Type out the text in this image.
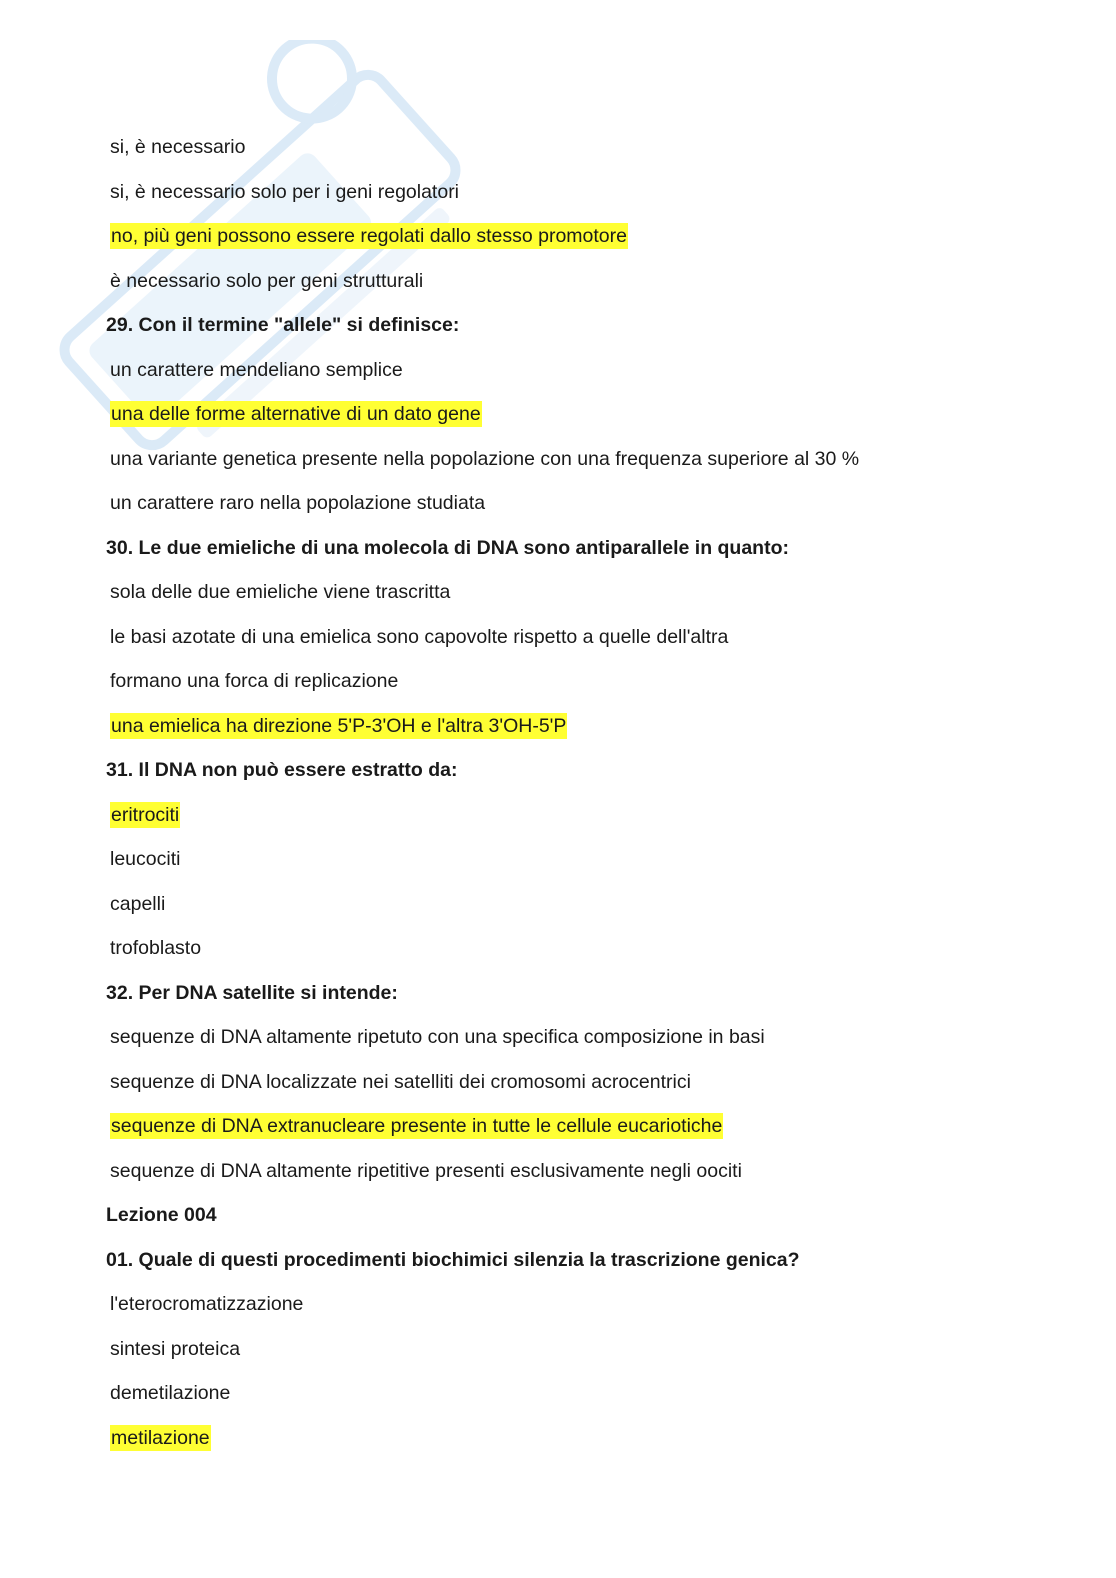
si, è necessario
si, è necessario solo per i geni regolatori
no, più geni possono essere regolati dallo stesso promotore
è necessario solo per geni strutturali
29. Con il termine "allele" si definisce:
un carattere mendeliano semplice
una delle forme alternative di un dato gene
una variante genetica presente nella popolazione con una frequenza superiore al 30 %
un carattere raro nella popolazione studiata
30. Le due emieliche di una molecola di DNA sono antiparallele in quanto:
sola delle due emieliche viene trascritta
le basi azotate di una emielica sono capovolte rispetto a quelle dell'altra
formano una forca di replicazione
una emielica ha direzione 5'P-3'OH e l'altra 3'OH-5'P
31. Il DNA non può essere estratto da:
eritrociti
leucociti
capelli
trofoblasto
32. Per DNA satellite si intende:
sequenze di DNA altamente ripetuto con una specifica composizione in basi
sequenze di DNA localizzate nei satelliti dei cromosomi acrocentrici
sequenze di DNA extranucleare presente in tutte le cellule eucariotiche
sequenze di DNA altamente ripetitive presenti esclusivamente negli oociti
Lezione 004
01. Quale di questi procedimenti biochimici silenzia la trascrizione genica?
l'eterocromatizzazione
sintesi proteica
demetilazione
metilazione
